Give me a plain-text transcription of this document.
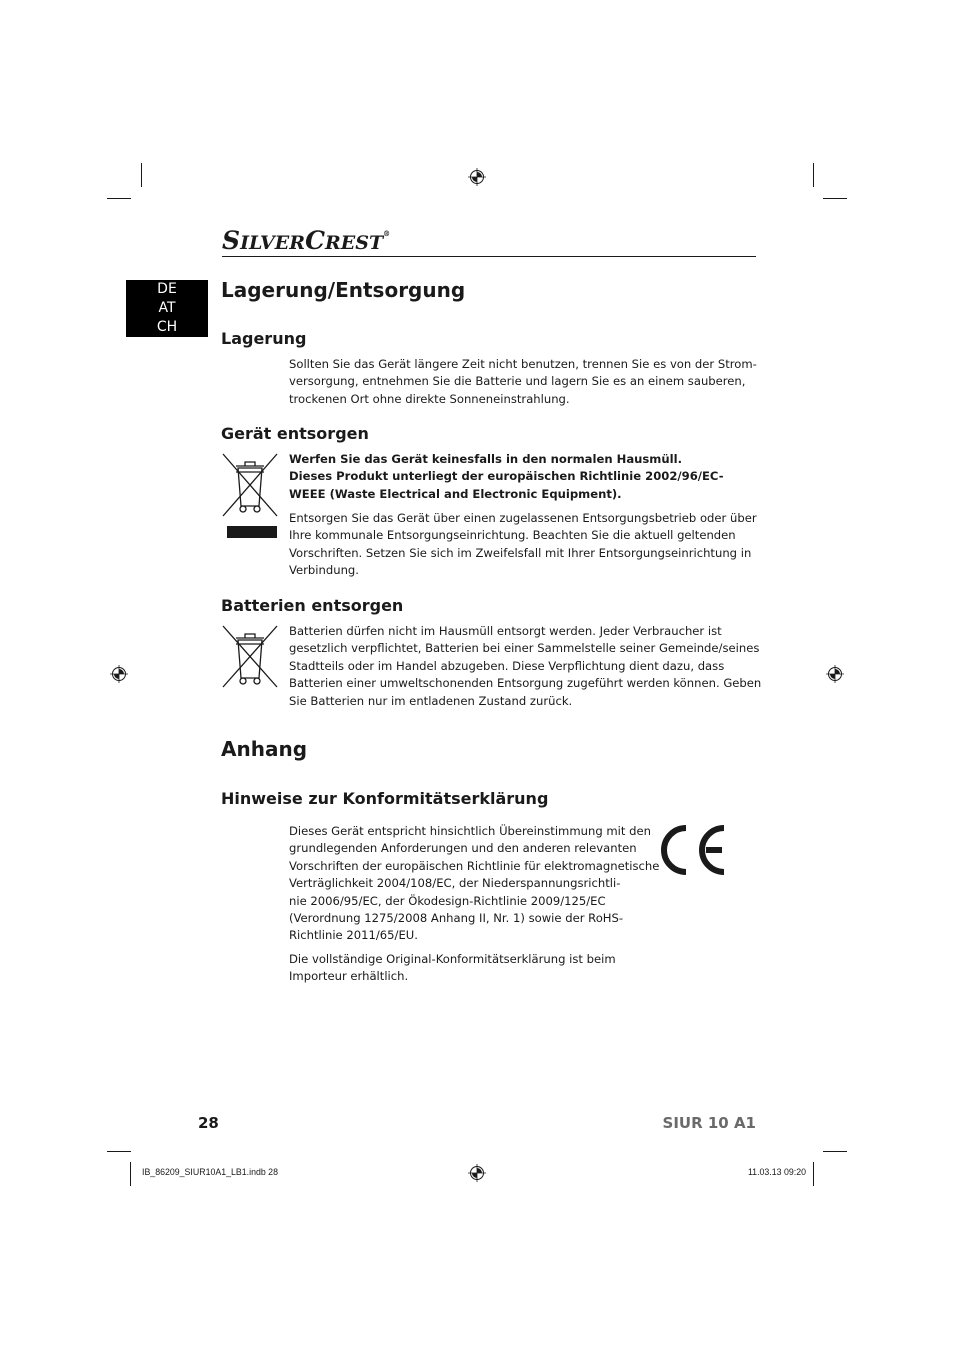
SILVERCREST®
DE
AT
CH
Lagerung/Entsorgung
Lagerung
Sollten Sie das Gerät längere Zeit nicht benutzen, trennen Sie es von der Strom-
versorgung, entnehmen Sie die Batterie und lagern Sie es an einem sauberen,
trockenen Ort ohne direkte Sonneneinstrahlung.
Gerät entsorgen
Werfen Sie das Gerät keinesfalls in den normalen Hausmüll.
Dieses Produkt unterliegt der europäischen Richtlinie 2002/96/EC-
WEEE (Waste Electrical and Electronic Equipment).
Entsorgen Sie das Gerät über einen zugelassenen Entsorgungsbetrieb oder über
Ihre kommunale Entsorgungseinrichtung. Beachten Sie die aktuell geltenden
Vorschriften. Setzen Sie sich im Zweifelsfall mit Ihrer Entsorgungseinrichtung in
Verbindung.
Batterien entsorgen
Batterien dürfen nicht im Hausmüll entsorgt werden. Jeder Verbraucher ist
gesetzlich verpflichtet, Batterien bei einer Sammelstelle seiner Gemeinde/seines
Stadtteils oder im Handel abzugeben. Diese Verpflichtung dient dazu, dass
Batterien einer umweltschonenden Entsorgung zugeführt werden können. Geben
Sie Batterien nur im entladenen Zustand zurück.
Anhang
Hinweise zur Konformitätserklärung
Dieses Gerät entspricht hinsichtlich Übereinstimmung mit den
grundlegenden Anforderungen und den anderen relevanten
Vorschriften der europäischen Richtlinie für elektromagnetische
Verträglichkeit 2004/108/EC, der Niederspannungsrichtli-
nie 2006/95/EC, der Ökodesign-Richtlinie 2009/125/EC
(Verordnung 1275/2008 Anhang II, Nr. 1) sowie der RoHS-
Richtlinie 2011/65/EU.
Die vollständige Original-Konformitätserklärung ist beim
Importeur erhältlich.
28	SIUR 10 A1
IB_86209_SIUR10A1_LB1.indb 28	11.03.13 09:20
